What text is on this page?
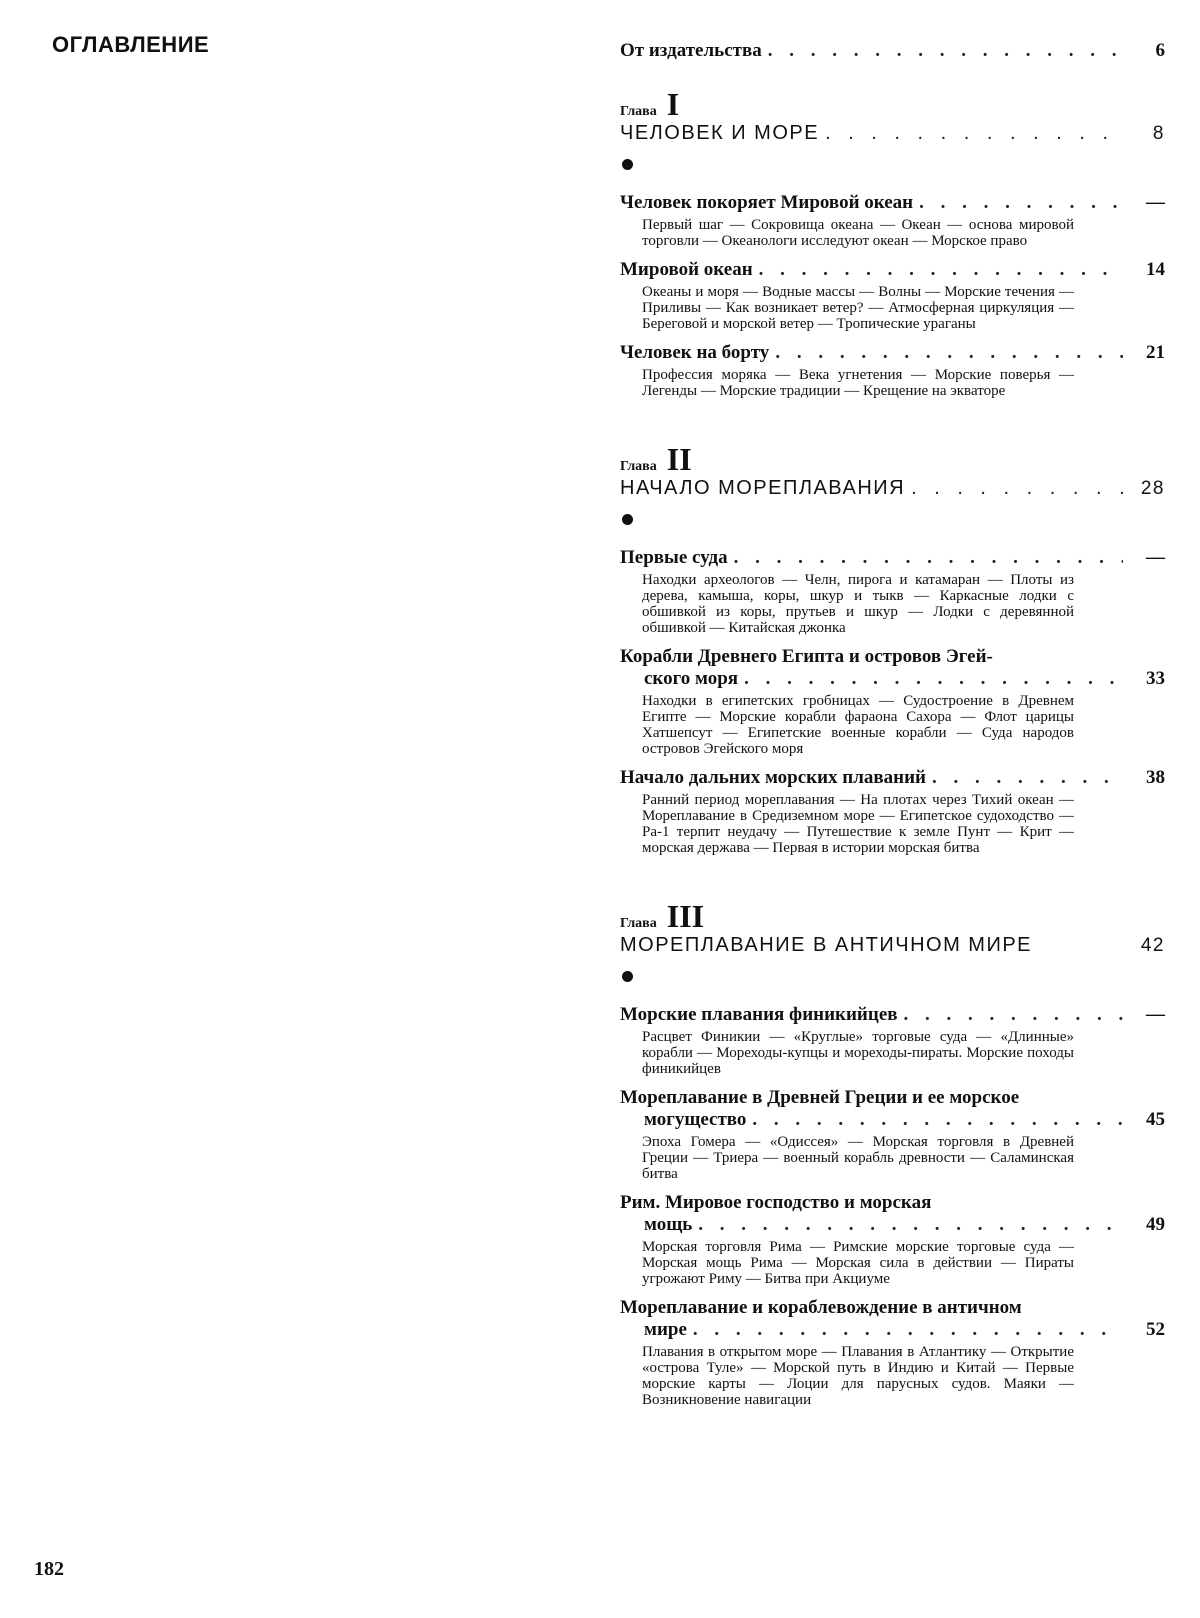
ОГЛАВЛЕНИЕ	От издательства . . .	6
Глава I
ЧЕЛОВЕК И МОРЕ . . .	8
Человек покоряет Мировой океан . . .	—
Первый шаг — Сокровища океана — Океан — основа мировой торговли — Океанологи исследуют океан — Морское право
Мировой океан . . .	14
Океаны и моря — Водные массы — Волны — Морские течения — Приливы — Как возникает ветер? — Атмосферная циркуляция — Береговой и морской ветер — Тропические ураганы
Человек на борту . . .	21
Профессия моряка — Века угнетения — Морские поверья — Легенды — Морские традиции — Крещение на экваторе
Глава II
НАЧАЛО МОРЕПЛАВАНИЯ . . .	28
Первые суда . . .	—
Находки археологов — Челн, пирога и катамаран — Плоты из дерева, камыша, коры, шкур и тыкв — Каркасные лодки с обшивкой из коры, прутьев и шкур — Лодки с деревянной обшивкой — Китайская джонка
Корабли Древнего Египта и островов Эгей-
ского моря . . .	33
Находки в египетских гробницах — Судостроение в Древнем Египте — Морские корабли фараона Сахора — Флот царицы Хатшепсут — Египетские военные корабли — Суда народов островов Эгейского моря
Начало дальних морских плаваний . . .	38
Ранний период мореплавания — На плотах через Тихий океан — Мореплавание в Средиземном море — Египетское судоходство — Ра-1 терпит неудачу — Путешествие к земле Пунт — Крит — морская держава — Первая в истории морская битва
Глава III
МОРЕПЛАВАНИЕ В АНТИЧНОМ МИРЕ	42
Морские плавания финикийцев . . .	—
Расцвет Финикии — «Круглые» торговые суда — «Длинные» корабли — Мореходы-купцы и мореходы-пираты. Морские походы финикийцев
Мореплавание в Древней Греции и ее морское
могущество . . .	45
Эпоха Гомера — «Одиссея» — Морская торговля в Древней Греции — Триера — военный корабль древности — Саламинская битва
Рим. Мировое господство и морская
мощь . . .	49
Морская торговля Рима — Римские морские торговые суда — Морская мощь Рима — Морская сила в действии — Пираты угрожают Риму — Битва при Акциуме
Мореплавание и кораблевождение в античном
мире . . .	52
Плавания в открытом море — Плавания в Атлантику — Открытие «острова Туле» — Морской путь в Индию и Китай — Первые морские карты — Лоции для парусных судов. Маяки — Возникновение навигации
182
